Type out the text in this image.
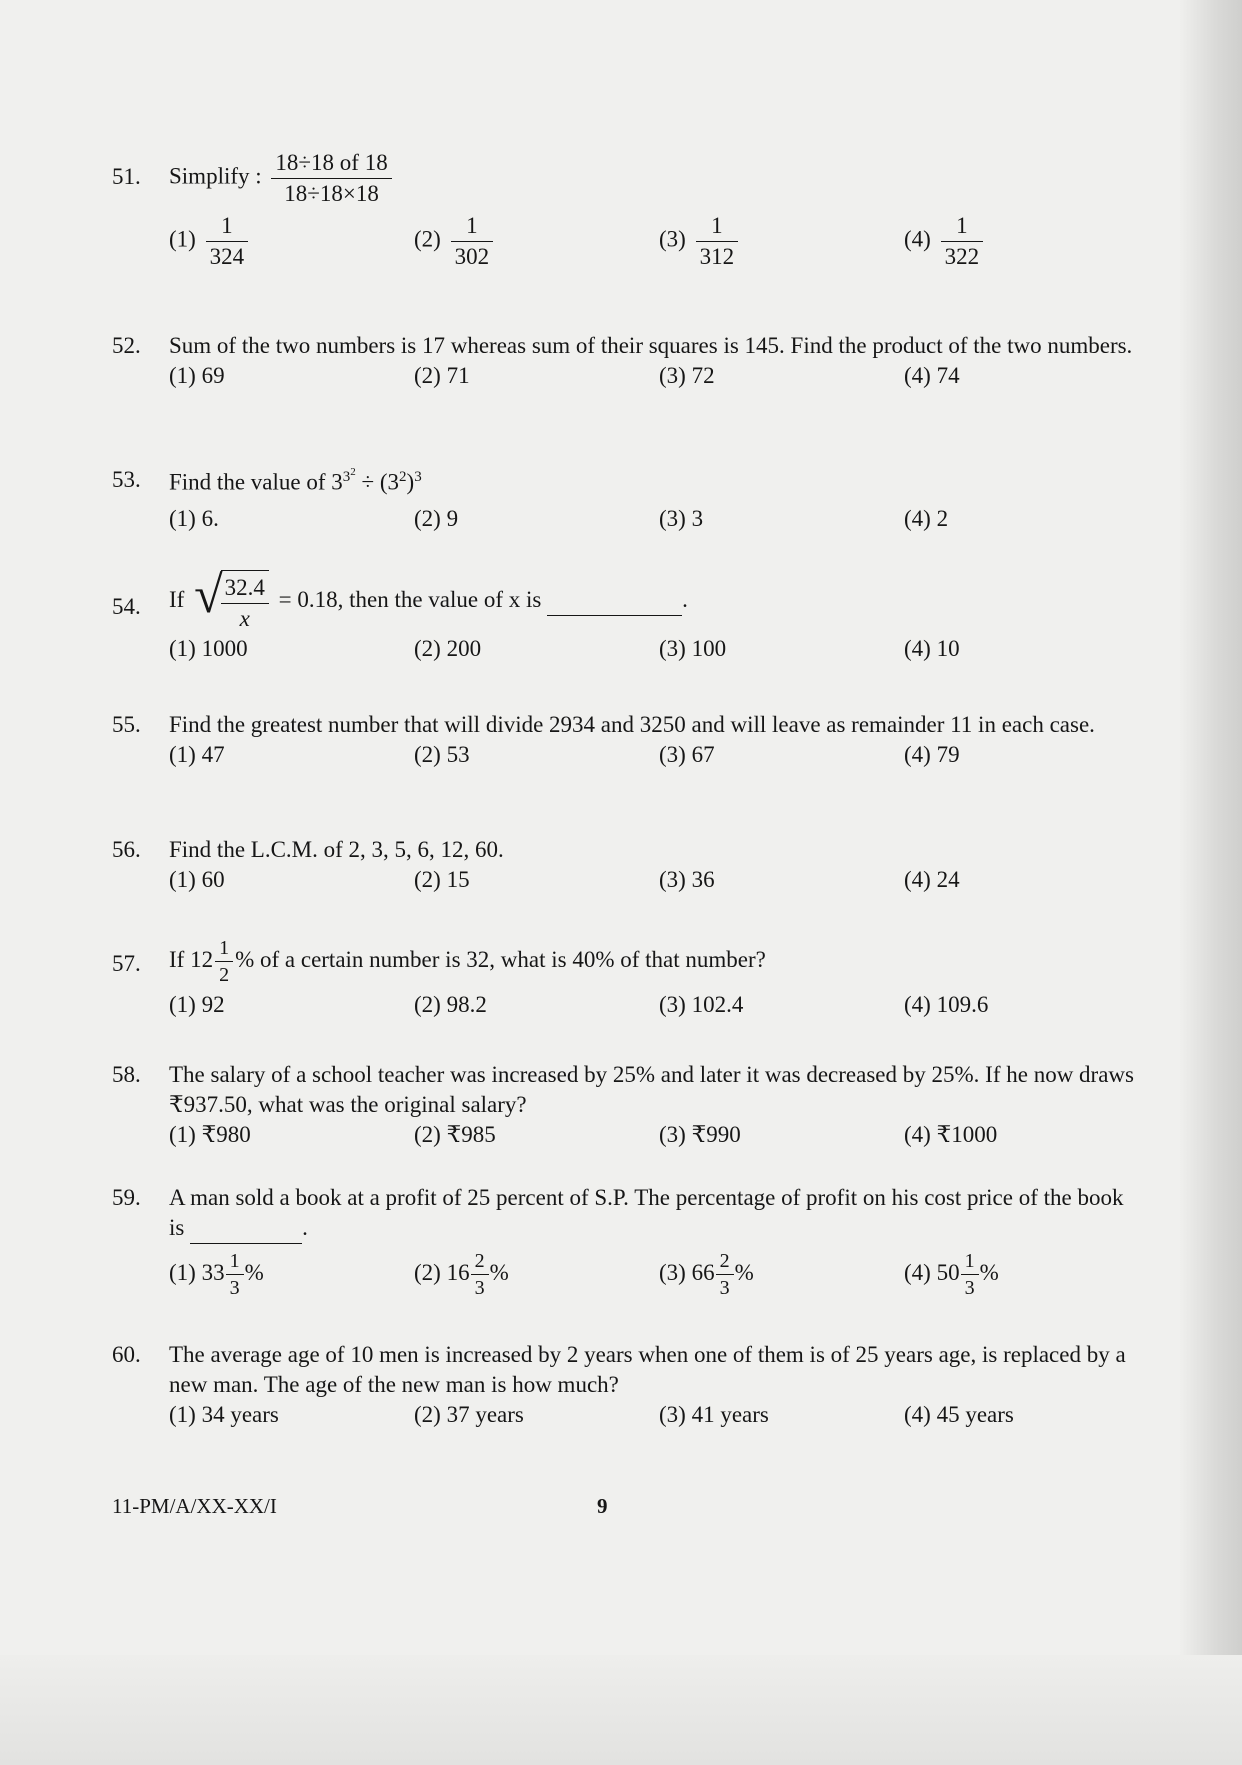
51. Simplify : $\frac{18\div 18 of 18}{18\div 18\times 18}$
$(1) \frac{1}{324}$	$(2) \frac{1}{302}$	$(3) \frac{1}{312}$	$(4) \frac{1}{322}$
52. Sum of the two numbers is 17 whereas sum of their squares is 145. Find the product of the two numbers.
(1) 69	(2) 71	(3) 72	(4) 74
53. Find the value of $3^{3^2} \div (3^2)^3$
(1) 6.	(2) 9	(3) 3	(4) 2
54. If √
$\frac{32.4}{x} = 0.18$, then the value of x is	.
(1) 1000	(2) 200	(3) 100	(4) 10
55. Find the greatest number that will divide 2934 and 3250 and will leave as remainder 11 in each case.
(1) 47	(2) 53	(3) 67	(4) 79
56. Find the L.C.M. of 2, 3, 5, 6, 12, 60.
(1) 60	(2) 15	(3) 36	(4) 24
57. If $12 \frac{1}{2}$ % of a certain number is 32, what is 40% of that number?
(1) 92	(2) 98.2	(3) 102.4	(4) 109.6
58. The salary of a school teacher was increased by 25% and later it was decreased by 25%. If he now draws ₹937.50, what was the original salary?
(1) ₹980	(2) ₹985	(3) ₹990	(4) ₹1000
59. A man sold a book at a profit of 25 percent of S.P. The percentage of profit on his cost price of the book is	.
(1) $33 \frac{1}{3}$ %	(2) $16 \frac{2}{3}$ %	(3) $66 \frac{2}{3}$ %	(4) $50 \frac{1}{3}$ %
60. The average age of 10 men is increased by 2 years when one of them is of 25 years age, is replaced by a new man. The age of the new man is how much?
(1) 34 years	(2) 37 years	(3) 41 years	(4) 45 years
11-PM/A/XX-XX/I	9
